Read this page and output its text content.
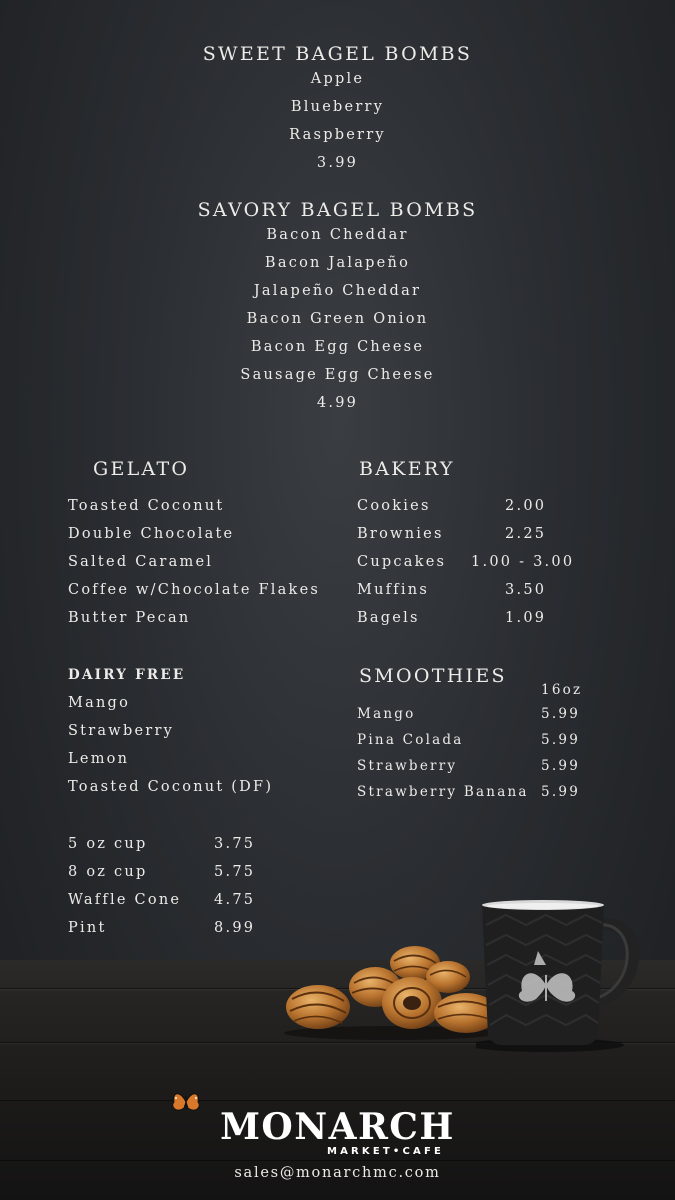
SWEET BAGEL BOMBS
Apple
Blueberry
Raspberry
3.99
SAVORY BAGEL BOMBS
Bacon Cheddar
Bacon Jalapeño
Jalapeño Cheddar
Bacon Green Onion
Bacon Egg Cheese
Sausage Egg Cheese
4.99
GELATO
Toasted Coconut
Double Chocolate
Salted Caramel
Coffee w/Chocolate Flakes
Butter Pecan
DAIRY FREE
Mango
Strawberry
Lemon
Toasted Coconut (DF)
5 oz cup	3.75
8 oz cup	5.75
Waffle Cone 4.75
Pint	8.99
BAKERY
Cookies	2.00
Brownies	2.25
Cupcakes 1.00 - 3.00
Muffins	3.50
Bagels	1.09
SMOOTHIES
16oz
Mango	5.99
Pina Colada	5.99
Strawberry	5.99
Strawberry Banana 5.99
MONARCH
MARKET•CAFE
sales@monarchmc.com
